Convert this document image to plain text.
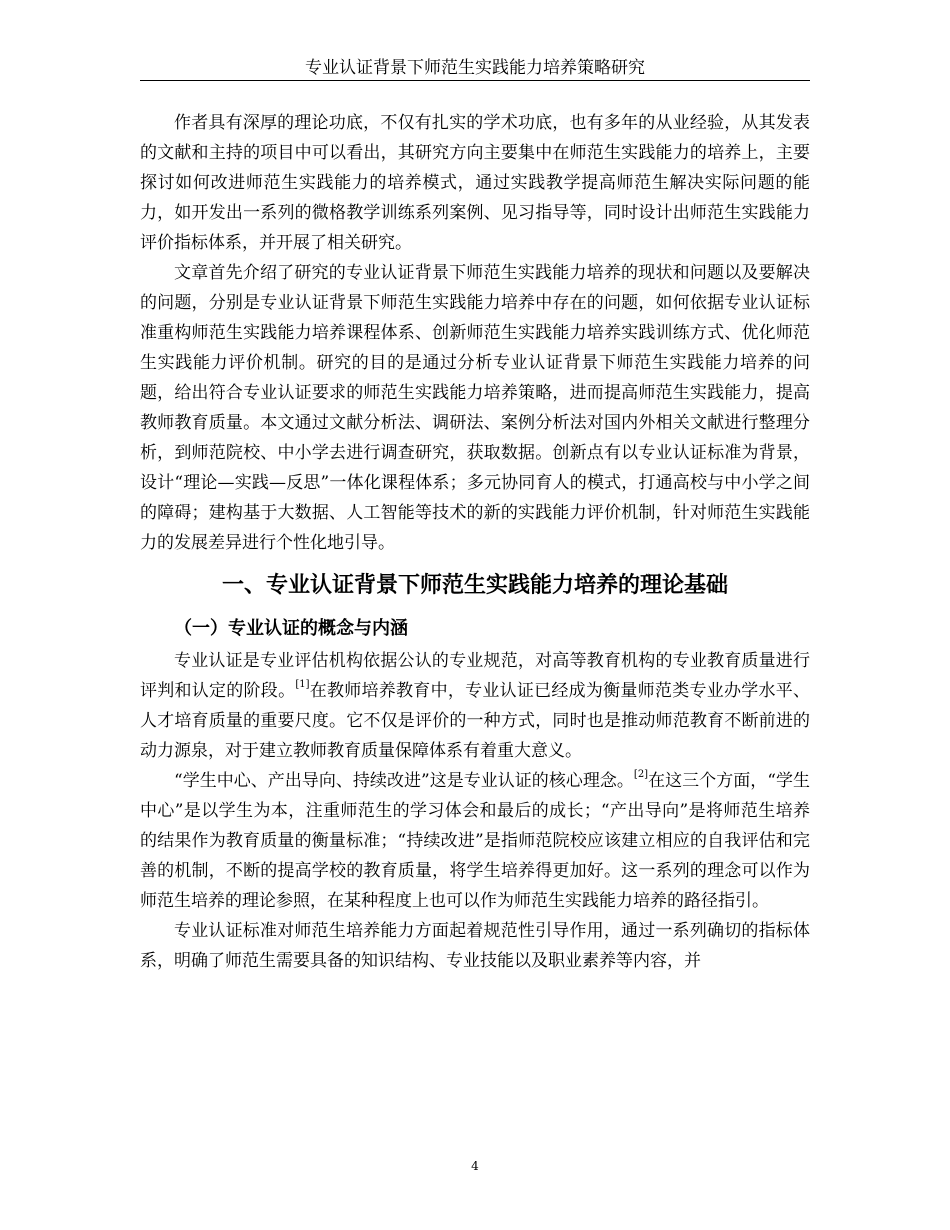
专业认证背景下师范生实践能力培养策略研究

作者具有深厚的理论功底，不仅有扎实的学术功底，也有多年的从业经验，从其发表的文献和主持的项目中可以看出，其研究方向主要集中在师范生实践能力的培养上，主要探讨如何改进师范生实践能力的培养模式，通过实践教学提高师范生解决实际问题的能力，如开发出一系列的微格教学训练系列案例、见习指导等，同时设计出师范生实践能力评价指标体系，并开展了相关研究。

文章首先介绍了研究的专业认证背景下师范生实践能力培养的现状和问题以及要解决的问题，分别是专业认证背景下师范生实践能力培养中存在的问题，如何依据专业认证标准重构师范生实践能力培养课程体系、创新师范生实践能力培养实践训练方式、优化师范生实践能力评价机制。研究的目的是通过分析专业认证背景下师范生实践能力培养的问题，给出符合专业认证要求的师范生实践能力培养策略，进而提高师范生实践能力，提高教师教育质量。本文通过文献分析法、调研法、案例分析法对国内外相关文献进行整理分析，到师范院校、中小学去进行调查研究，获取数据。创新点有以专业认证标准为背景，设计“理论—实践—反思”一体化课程体系；多元协同育人的模式，打通高校与中小学之间的障碍；建构基于大数据、人工智能等技术的新的实践能力评价机制，针对师范生实践能力的发展差异进行个性化地引导。

一、专业认证背景下师范生实践能力培养的理论基础
（一）专业认证的概念与内涵

专业认证是专业评估机构依据公认的专业规范，对高等教育机构的专业教育质量进行评判和认定的阶段。[1]在教师培养教育中，专业认证已经成为衡量师范类专业办学水平、人才培育质量的重要尺度。它不仅是评价的一种方式，同时也是推动师范教育不断前进的动力源泉，对于建立教师教育质量保障体系有着重大意义。

“学生中心、产出导向、持续改进”这是专业认证的核心理念。[2]在这三个方面，“学生中心”是以学生为本，注重师范生的学习体会和最后的成长；“产出导向”是将师范生培养的结果作为教育质量的衡量标准；“持续改进”是指师范院校应该建立相应的自我评估和完善的机制，不断的提高学校的教育质量，将学生培养得更加好。这一系列的理念可以作为师范生培养的理论参照，在某种程度上也可以作为师范生实践能力培养的路径指引。

专业认证标准对师范生培养能力方面起着规范性引导作用，通过一系列确切的指标体系，明确了师范生需要具备的知识结构、专业技能以及职业素养等内容，并

4
